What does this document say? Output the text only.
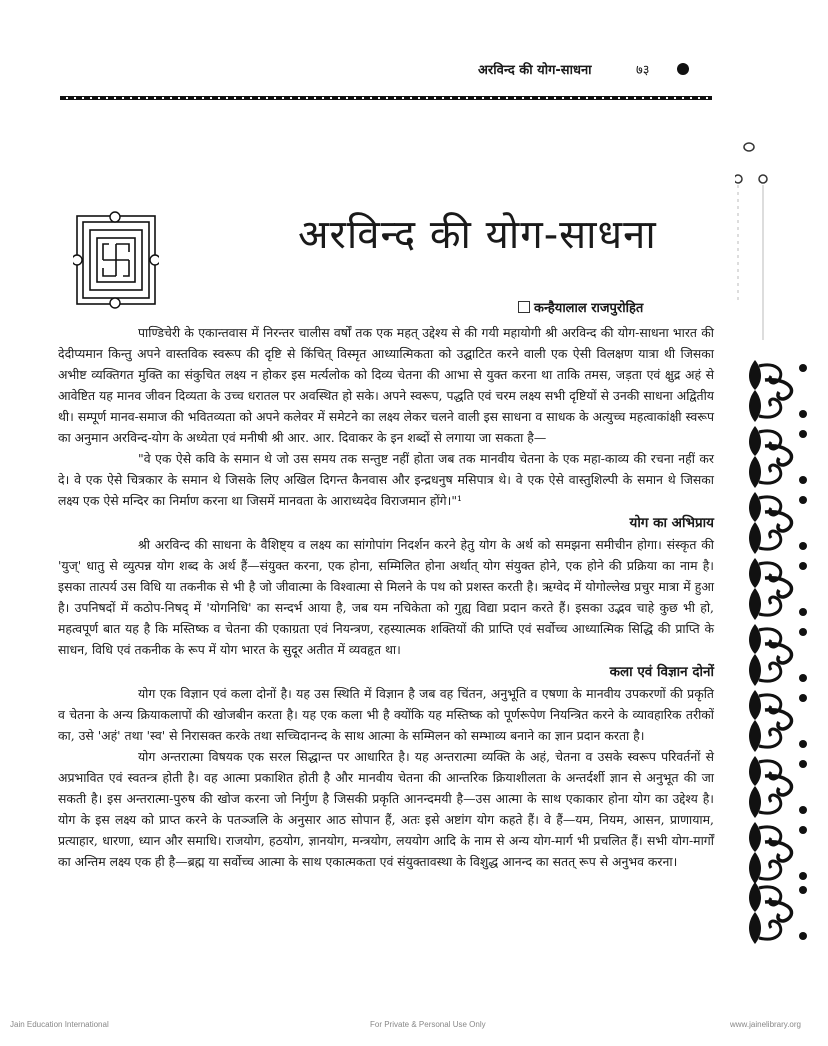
अरविन्द की योग-साधना	७३
अरविन्द की योग-साधना
कन्हैयालाल राजपुरोहित

पाण्डिचेरी के एकान्तवास में निरन्तर चालीस वर्षों तक एक महत् उद्देश्य से की गयी महायोगी श्री अरविन्द की योग-साधना भारत की देदीप्यमान किन्तु अपने वास्तविक स्वरूप की दृष्टि से किंचित् विस्मृत आध्यात्मिकता को उद्घाटित करने वाली एक ऐसी विलक्षण यात्रा थी जिसका अभीष्ट व्यक्तिगत मुक्ति का संकुचित लक्ष्य न होकर इस मर्त्यलोक को दिव्य चेतना की आभा से युक्त करना था ताकि तमस, जड़ता एवं क्षुद्र अहं से आवेष्टित यह मानव जीवन दिव्यता के उच्च धरातल पर अवस्थित हो सके। अपने स्वरूप, पद्धति एवं चरम लक्ष्य सभी दृष्टियों से उनकी साधना अद्वितीय थी। सम्पूर्ण मानव-समाज की भवितव्यता को अपने कलेवर में समेटने का लक्ष्य लेकर चलने वाली इस साधना व साधक के अत्युच्च महत्वाकांक्षी स्वरूप का अनुमान अरविन्द-योग के अध्येता एवं मनीषी श्री आर. आर. दिवाकर के इन शब्दों से लगाया जा सकता है—

"वे एक ऐसे कवि के समान थे जो उस समय तक सन्तुष्ट नहीं होता जब तक मानवीय चेतना के एक महा-काव्य की रचना नहीं कर दे। वे एक ऐसे चित्रकार के समान थे जिसके लिए अखिल दिगन्त कैनवास और इन्द्रधनुष मसिपात्र थे। वे एक ऐसे वास्तुशिल्पी के समान थे जिसका लक्ष्य एक ऐसे मन्दिर का निर्माण करना था जिसमें मानवता के आराध्यदेव विराजमान होंगे।"¹

योग का अभिप्राय

श्री अरविन्द की साधना के वैशिष्ट्य व लक्ष्य का सांगोपांग निदर्शन करने हेतु योग के अर्थ को समझना समीचीन होगा। संस्कृत की 'युज्' धातु से व्युत्पन्न योग शब्द के अर्थ हैं—संयुक्त करना, एक होना, सम्मिलित होना अर्थात् योग संयुक्त होने, एक होने की प्रक्रिया का नाम है। इसका तात्पर्य उस विधि या तकनीक से भी है जो जीवात्मा के विश्वात्मा से मिलने के पथ को प्रशस्त करती है। ऋग्वेद में योगोल्लेख प्रचुर मात्रा में हुआ है। उपनिषदों में कठोप-निषद् में 'योगनिधि' का सन्दर्भ आया है, जब यम नचिकेता को गुह्य विद्या प्रदान करते हैं। इसका उद्भव चाहे कुछ भी हो, महत्वपूर्ण बात यह है कि मस्तिष्क व चेतना की एकाग्रता एवं नियन्त्रण, रहस्यात्मक शक्तियों की प्राप्ति एवं सर्वोच्च आध्यात्मिक सिद्धि की प्राप्ति के साधन, विधि एवं तकनीक के रूप में योग भारत के सुदूर अतीत में व्यवहृत था।

कला एवं विज्ञान दोनों

योग एक विज्ञान एवं कला दोनों है। यह उस स्थिति में विज्ञान है जब वह चिंतन, अनुभूति व एषणा के मानवीय उपकरणों की प्रकृति व चेतना के अन्य क्रियाकलापों की खोजबीन करता है। यह एक कला भी है क्योंकि यह मस्तिष्क को पूर्णरूपेण नियन्त्रित करने के व्यावहारिक तरीकों का, उसे 'अहं' तथा 'स्व' से निरासक्त करके तथा सच्चिदानन्द के साथ आत्मा के सम्मिलन को सम्भाव्य बनाने का ज्ञान प्रदान करता है।

योग अन्तरात्मा विषयक एक सरल सिद्धान्त पर आधारित है। यह अन्तरात्मा व्यक्ति के अहं, चेतना व उसके स्वरूप परिवर्तनों से अप्रभावित एवं स्वतन्त्र होती है। वह आत्मा प्रकाशित होती है और मानवीय चेतना की आन्तरिक क्रियाशीलता के अन्तर्दर्शी ज्ञान से अनुभूत की जा सकती है। इस अन्तरात्मा-पुरुष की खोज करना जो निर्गुण है जिसकी प्रकृति आनन्दमयी है—उस आत्मा के साथ एकाकार होना योग का उद्देश्य है। योग के इस लक्ष्य को प्राप्त करने के पतञ्जलि के अनुसार आठ सोपान हैं, अतः इसे अष्टांग योग कहते हैं। वे हैं—यम, नियम, आसन, प्राणायाम, प्रत्याहार, धारणा, ध्यान और समाधि। राजयोग, हठयोग, ज्ञानयोग, मन्त्रयोग, लययोग आदि के नाम से अन्य योग-मार्ग भी प्रचलित हैं। सभी योग-मार्गों का अन्तिम लक्ष्य एक ही है—ब्रह्म या सर्वोच्च आत्मा के साथ एकात्मकता एवं संयुक्तावस्था के विशुद्ध आनन्द का सतत् रूप से अनुभव करना।

Jain Education International	For Private & Personal Use Only	www.jainelibrary.org
